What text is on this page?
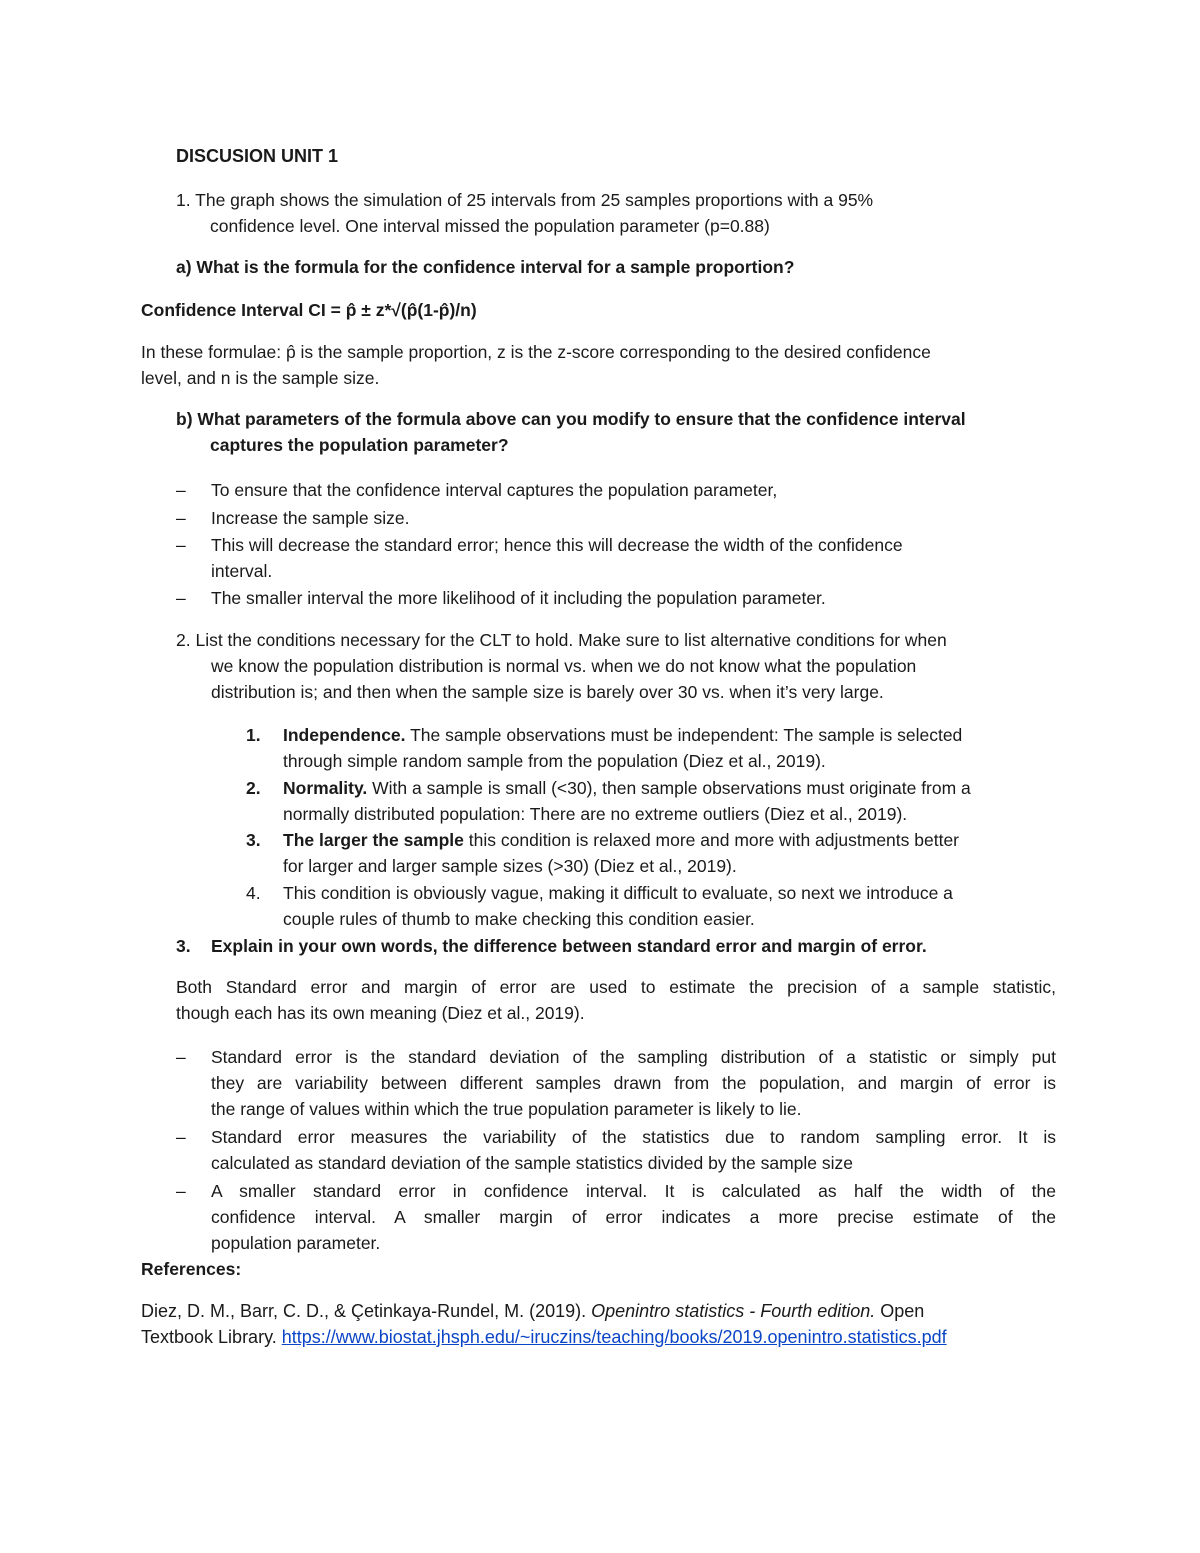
DISCUSION UNIT 1
1. The graph shows the simulation of 25 intervals from 25 samples proportions with a 95%
confidence level. One interval missed the population parameter (p=0.88)
a) What is the formula for the confidence interval for a sample proportion?
Confidence Interval CI = p̂ ± z*√(p̂(1-p̂)/n)
In these formulae: p̂ is the sample proportion, z is the z-score corresponding to the desired confidence
level, and n is the sample size.
b) What parameters of the formula above can you modify to ensure that the confidence interval
captures the population parameter?
– To ensure that the confidence interval captures the population parameter,
– Increase the sample size.
– This will decrease the standard error; hence this will decrease the width of the confidence
interval.
– The smaller interval the more likelihood of it including the population parameter.
2. List the conditions necessary for the CLT to hold. Make sure to list alternative conditions for when
we know the population distribution is normal vs. when we do not know what the population
distribution is; and then when the sample size is barely over 30 vs. when it’s very large.
1. Independence. The sample observations must be independent: The sample is selected
through simple random sample from the population (Diez et al., 2019).
2. Normality. With a sample is small (<30), then sample observations must originate from a
normally distributed population: There are no extreme outliers (Diez et al., 2019).
3. The larger the sample this condition is relaxed more and more with adjustments better
for larger and larger sample sizes (>30) (Diez et al., 2019).
4. This condition is obviously vague, making it difficult to evaluate, so next we introduce a
couple rules of thumb to make checking this condition easier.
3. Explain in your own words, the difference between standard error and margin of error.
Both Standard error and margin of error are used to estimate the precision of a sample statistic,
though each has its own meaning (Diez et al., 2019).
– Standard error is the standard deviation of the sampling distribution of a statistic or simply put
they are variability between different samples drawn from the population, and margin of error is
the range of values within which the true population parameter is likely to lie.
– Standard error measures the variability of the statistics due to random sampling error. It is
calculated as standard deviation of the sample statistics divided by the sample size
– A smaller standard error in confidence interval. It is calculated as half the width of the
confidence interval. A smaller margin of error indicates a more precise estimate of the
population parameter.
References:
Diez, D. M., Barr, C. D., & Çetinkaya-Rundel, M. (2019). Openintro statistics - Fourth edition. Open
Textbook Library. https://www.biostat.jhsph.edu/~iruczins/teaching/books/2019.openintro.statistics.pdf
